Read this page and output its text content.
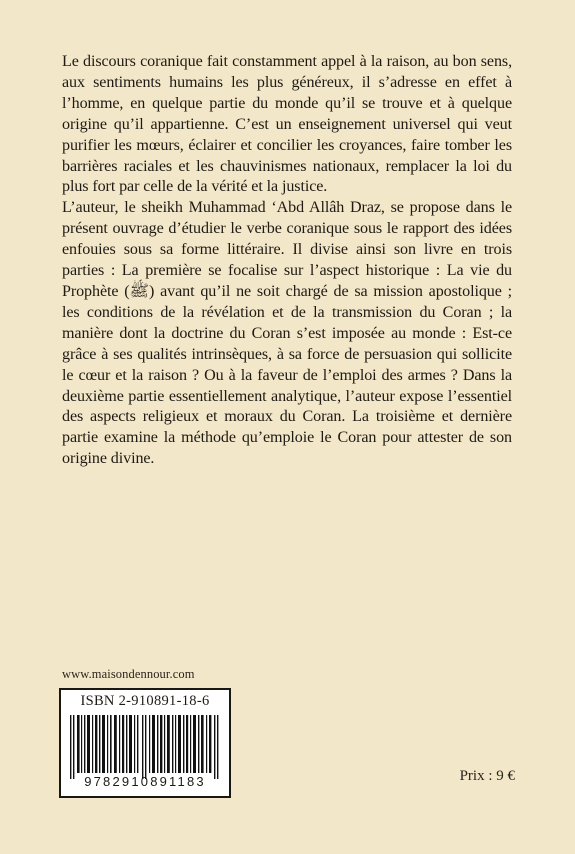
Le discours coranique fait constamment appel à la raison, au bon sens, aux sentiments humains les plus généreux, il s’adresse en effet à l’homme, en quelque partie du monde qu’il se trouve et à quelque origine qu’il appartienne. C’est un enseignement universel qui veut purifier les mœurs, éclairer et concilier les croyances, faire tomber les barrières raciales et les chauvinismes nationaux, remplacer la loi du plus fort par celle de la vérité et la justice.

L’auteur, le sheikh Muhammad ‘Abd Allâh Draz, se propose dans le présent ouvrage d’étudier le verbe coranique sous le rapport des idées enfouies sous sa forme littéraire. Il divise ainsi son livre en trois parties : La première se focalise sur l’aspect historique : La vie du Prophète (ﷺ) avant qu’il ne soit chargé de sa mission apostolique ; les conditions de la révélation et de la transmission du Coran ; la manière dont la doctrine du Coran s’est imposée au monde : Est-ce grâce à ses qualités intrinsèques, à sa force de persuasion qui sollicite le cœur et la raison ? Ou à la faveur de l’emploi des armes ? Dans la deuxième partie essentiellement analytique, l’auteur expose l’essentiel des aspects religieux et moraux du Coran. La troisième et dernière partie examine la méthode qu’emploie le Coran pour attester de son origine divine.

www.maisondennour.com
ISBN 2-910891-18-6
9782910891183	Prix : 9 €
